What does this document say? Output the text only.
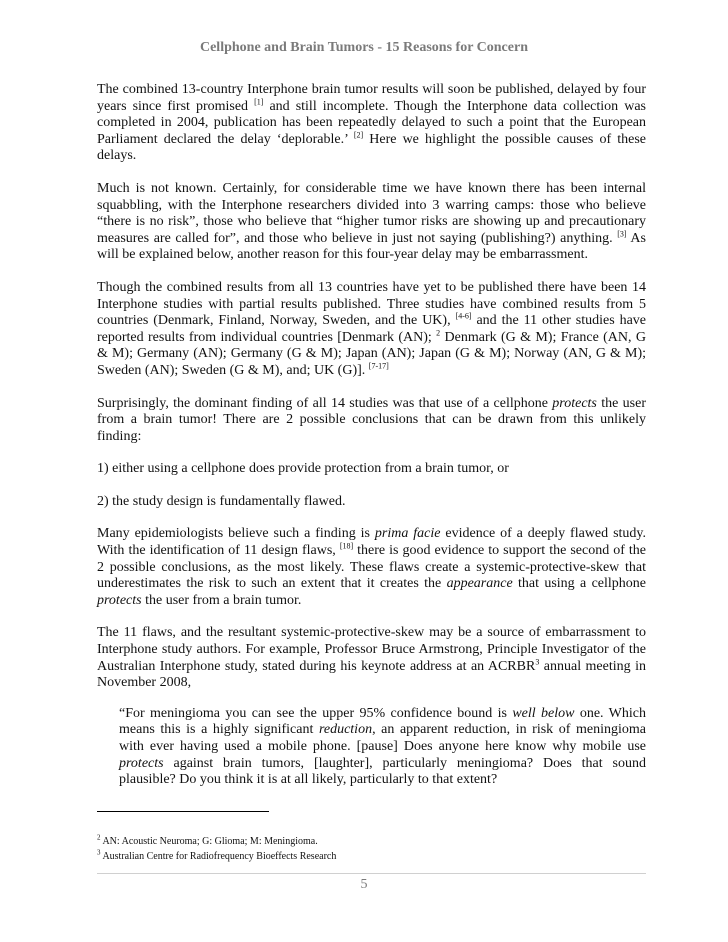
Cellphone and Brain Tumors - 15 Reasons for Concern

The combined 13-country Interphone brain tumor results will soon be published, delayed by four years since first promised [1] and still incomplete. Though the Interphone data collection was completed in 2004, publication has been repeatedly delayed to such a point that the European Parliament declared the delay ‘deplorable.’ [2] Here we highlight the possible causes of these delays.

Much is not known. Certainly, for considerable time we have known there has been internal squabbling, with the Interphone researchers divided into 3 warring camps: those who believe “there is no risk”, those who believe that “higher tumor risks are showing up and precautionary measures are called for”, and those who believe in just not saying (publishing?) anything. [3] As will be explained below, another reason for this four-year delay may be embarrassment.

Though the combined results from all 13 countries have yet to be published there have been 14 Interphone studies with partial results published. Three studies have combined results from 5 countries (Denmark, Finland, Norway, Sweden, and the UK), [4-6] and the 11 other studies have reported results from individual countries [Denmark (AN); $^2$ Denmark (G & M); France (AN, G & M); Germany (AN); Germany (G & M); Japan (AN); Japan (G & M); Norway (AN, G & M); Sweden (AN); Sweden (G & M), and; UK (G)]. [7-17]

Surprisingly, the dominant finding of all 14 studies was that use of a cellphone protects the user from a brain tumor! There are 2 possible conclusions that can be drawn from this unlikely finding:

1) either using a cellphone does provide protection from a brain tumor, or

2) the study design is fundamentally flawed.

Many epidemiologists believe such a finding is prima facie evidence of a deeply flawed study. With the identification of 11 design flaws, [18] there is good evidence to support the second of the 2 possible conclusions, as the most likely. These flaws create a systemic-protective-skew that underestimates the risk to such an extent that it creates the appearance that using a cellphone protects the user from a brain tumor.

The 11 flaws, and the resultant systemic-protective-skew may be a source of embarrassment to Interphone study authors. For example, Professor Bruce Armstrong, Principle Investigator of the Australian Interphone study, stated during his keynote address at an ACRBR$^3$ annual meeting in November 2008,

“For meningioma you can see the upper 95% confidence bound is well below one. Which means this is a highly significant reduction, an apparent reduction, in risk of meningioma with ever having used a mobile phone. [pause] Does anyone here know why mobile use protects against brain tumors, [laughter], particularly meningioma? Does that sound plausible? Do you think it is at all likely, particularly to that extent?

$^2$ AN: Acoustic Neuroma; G: Glioma; M: Meningioma.
$^3$ Australian Centre for Radiofrequency Bioeffects Research
5
